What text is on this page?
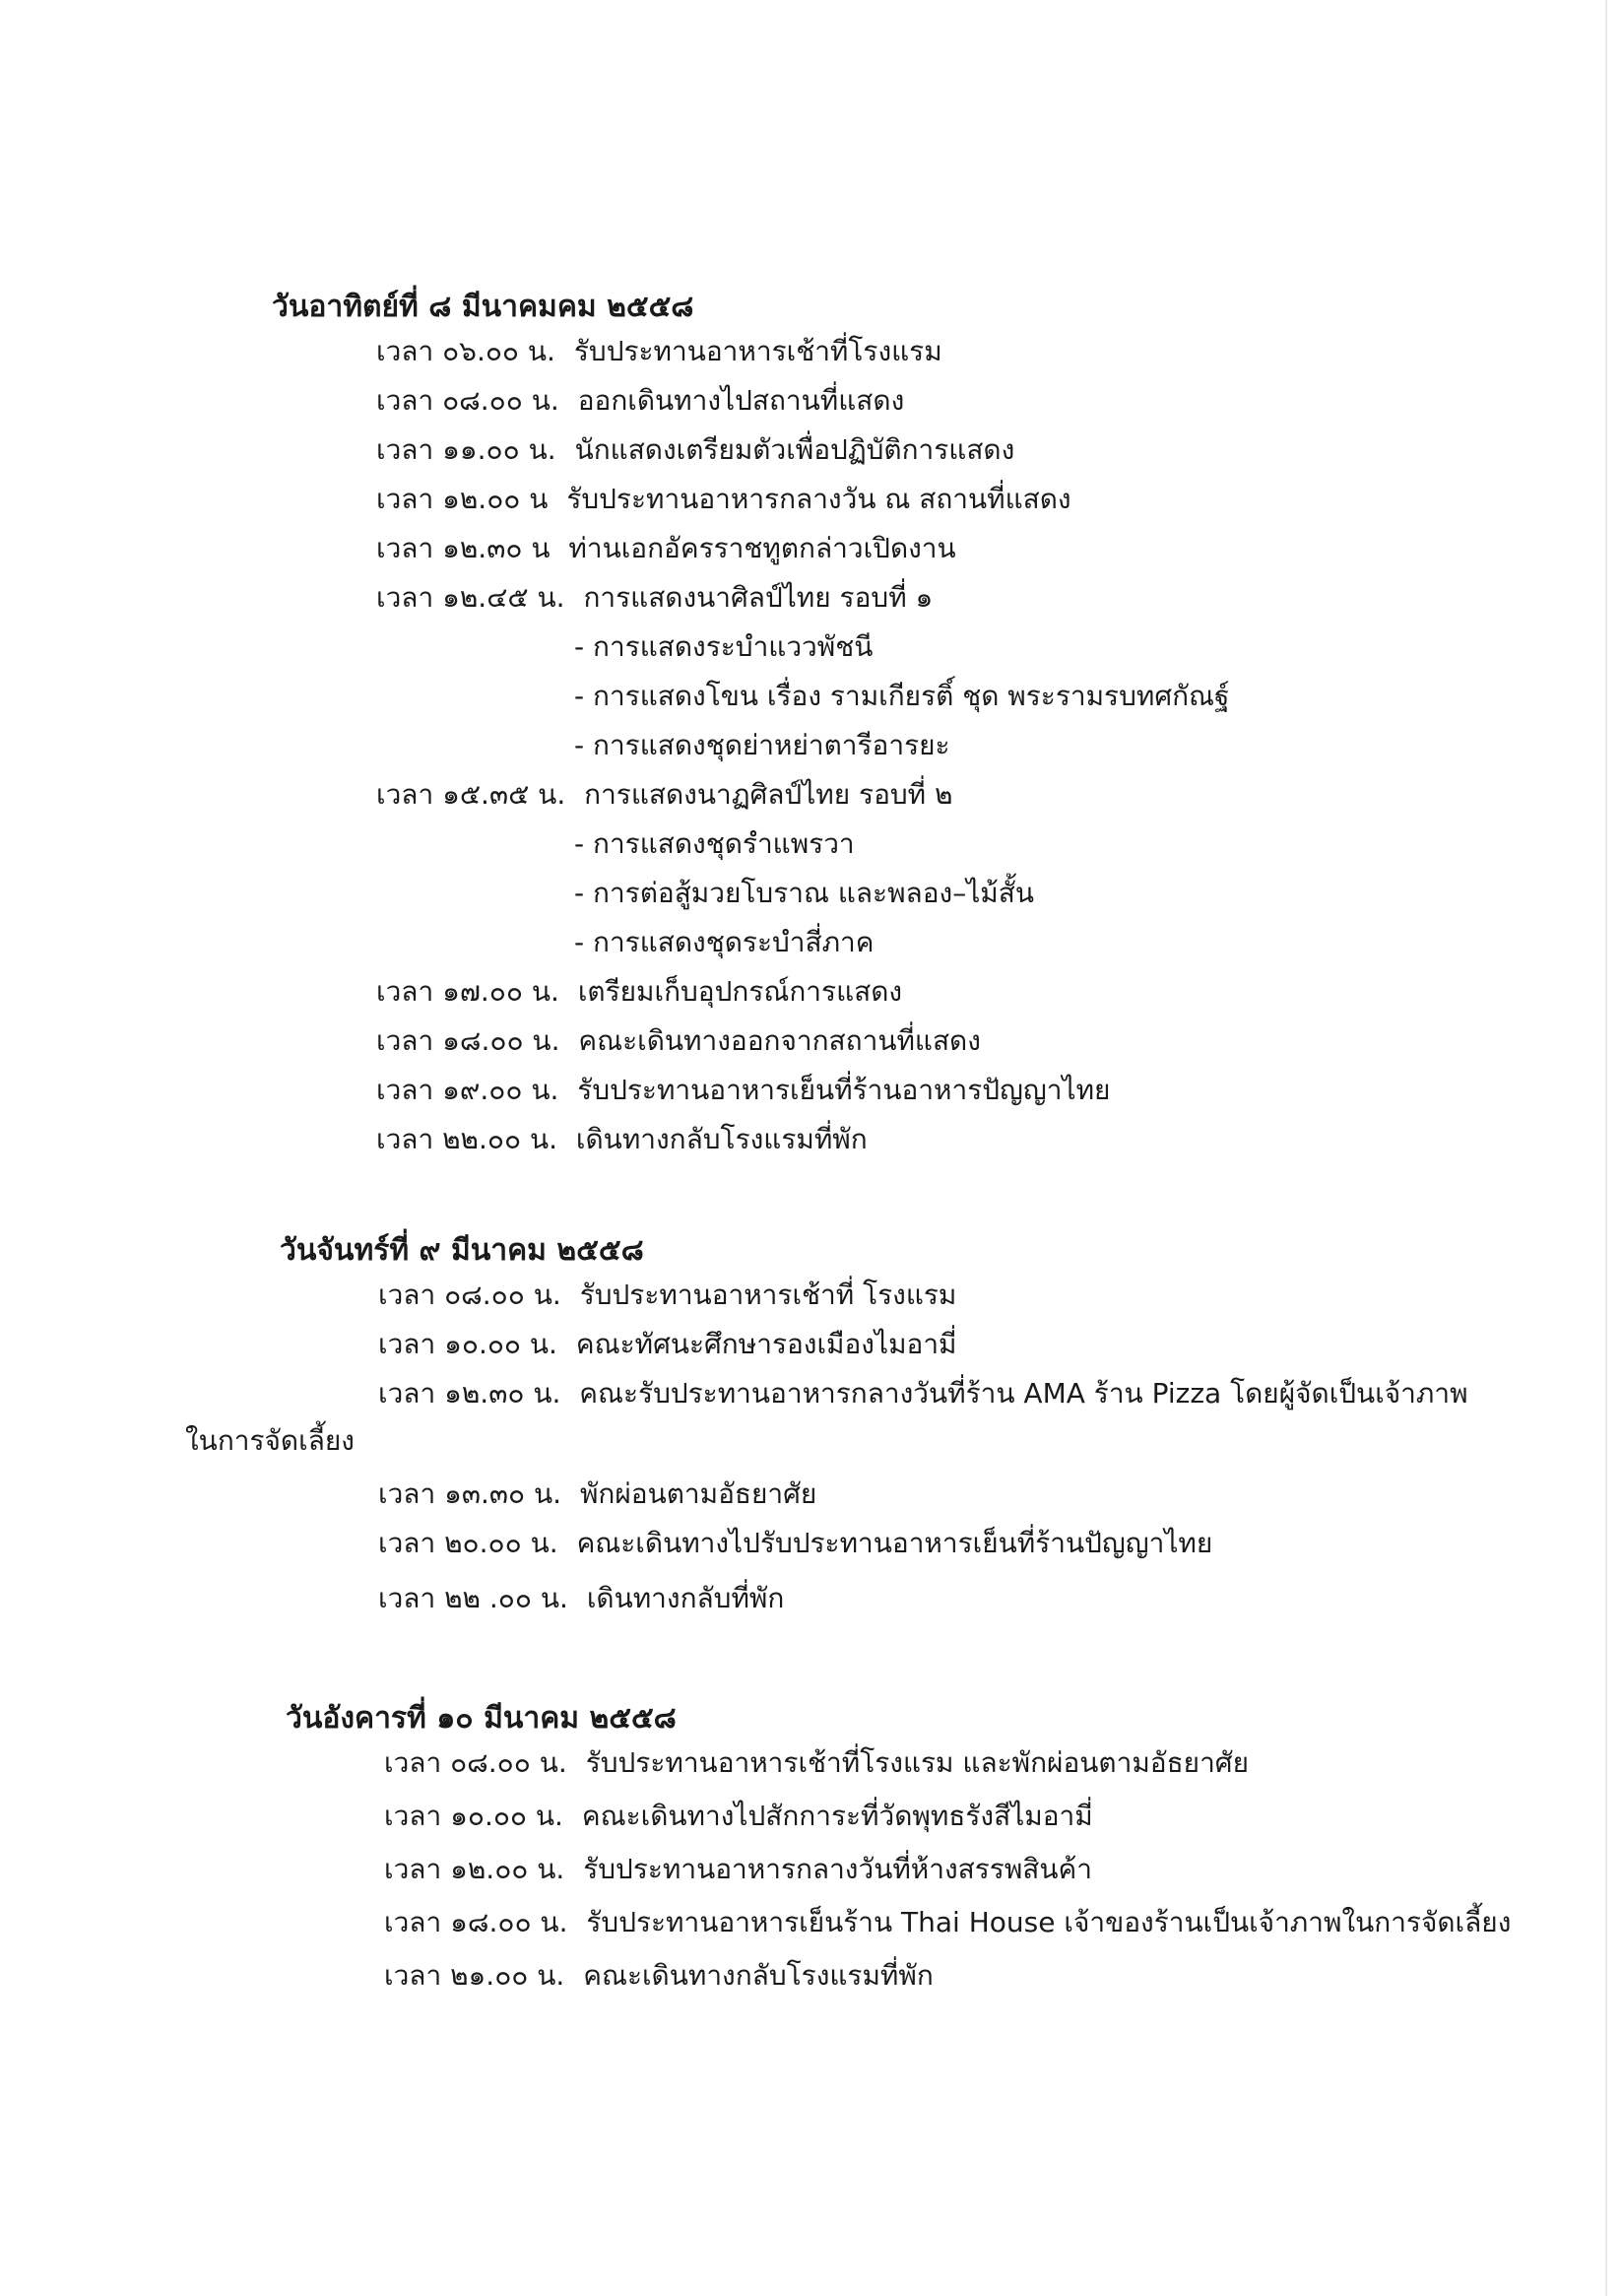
วันอาทิตย์ที่ ๘ มีนาคมคม ๒๕๕๘
เวลา ๐๖.๐๐ น. รับประทานอาหารเช้าที่โรงแรม
เวลา ๐๘.๐๐ น. ออกเดินทางไปสถานที่แสดง
เวลา ๑๑.๐๐ น. นักแสดงเตรียมตัวเพื่อปฏิบัติการแสดง
เวลา ๑๒.๐๐ น รับประทานอาหารกลางวัน ณ สถานที่แสดง
เวลา ๑๒.๓๐ น ท่านเอกอัครราชทูตกล่าวเปิดงาน
เวลา ๑๒.๔๕ น. การแสดงนาศิลป์ไทย รอบที่ ๑
- การแสดงระบำแววพัชนี
- การแสดงโขน เรื่อง รามเกียรติ์ ชุด พระรามรบทศกัณฐ์
- การแสดงชุดย่าหย่าตารีอารยะ
เวลา ๑๕.๓๕ น. การแสดงนาฏศิลป์ไทย รอบที่ ๒
- การแสดงชุดรำแพรวา
- การต่อสู้มวยโบราณ และพลอง–ไม้สั้น
- การแสดงชุดระบำสี่ภาค
เวลา ๑๗.๐๐ น. เตรียมเก็บอุปกรณ์การแสดง
เวลา ๑๘.๐๐ น. คณะเดินทางออกจากสถานที่แสดง
เวลา ๑๙.๐๐ น. รับประทานอาหารเย็นที่ร้านอาหารปัญญาไทย
เวลา ๒๒.๐๐ น. เดินทางกลับโรงแรมที่พัก
วันจันทร์ที่ ๙ มีนาคม ๒๕๕๘
เวลา ๐๘.๐๐ น. รับประทานอาหารเช้าที่ โรงแรม
เวลา ๑๐.๐๐ น. คณะทัศนะศึกษารองเมืองไมอามี่
เวลา ๑๒.๓๐ น. คณะรับประทานอาหารกลางวันที่ร้าน AMA ร้าน Pizza โดยผู้จัดเป็นเจ้าภาพ
ในการจัดเลี้ยง
เวลา ๑๓.๓๐ น. พักผ่อนตามอัธยาศัย
เวลา ๒๐.๐๐ น. คณะเดินทางไปรับประทานอาหารเย็นที่ร้านปัญญาไทย
เวลา ๒๒ .๐๐ น. เดินทางกลับที่พัก
วันอังคารที่ ๑๐ มีนาคม ๒๕๕๘
เวลา ๐๘.๐๐ น. รับประทานอาหารเช้าที่โรงแรม และพักผ่อนตามอัธยาศัย
เวลา ๑๐.๐๐ น. คณะเดินทางไปสักการะที่วัดพุทธรังสีไมอามี่
เวลา ๑๒.๐๐ น. รับประทานอาหารกลางวันที่ห้างสรรพสินค้า
เวลา ๑๘.๐๐ น. รับประทานอาหารเย็นร้าน Thai House เจ้าของร้านเป็นเจ้าภาพในการจัดเลี้ยง
เวลา ๒๑.๐๐ น. คณะเดินทางกลับโรงแรมที่พัก
